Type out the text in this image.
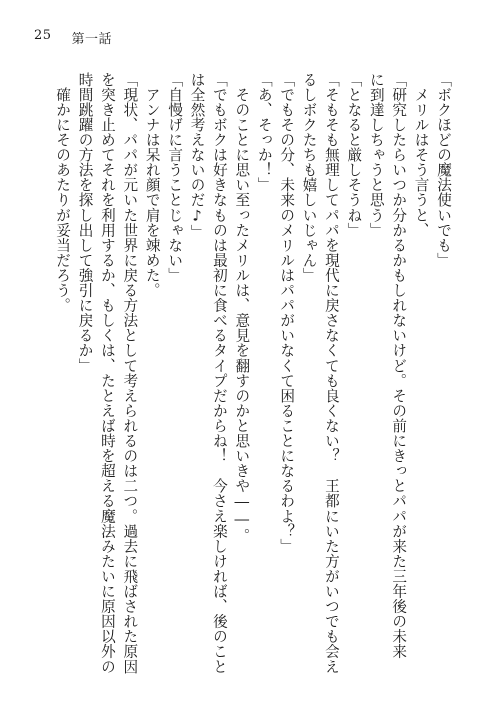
25 第一話
「ボクほどの魔法使いでも」
　メリルはそう言うと、
「研究したらいつか分かるかもしれないけど。その前にきっとパパが来た三年後の未来
に到達しちゃうと思う」
「となると厳しそうね」
「そもそも無理してパパを現代に戻さなくても良くない？　王都にいた方がいつでも会え
るしボクたちも嬉しいじゃん」
「でもその分、未来のメリルはパパがいなくて困ることになるわよ？」
「あ、そっか！」
　そのことに思い至ったメリルは、意見を翻すのかと思いきや――。
「でもボクは好きなものは最初に食べるタイプだからね！　今さえ楽しければ、後のこと
は全然考えないのだ♪」
「自慢げに言うことじゃない」
　アンナは呆れ顔で肩を竦めた。
「現状、パパが元いた世界に戻る方法として考えられるのは二つ。過去に飛ばされた原因
を突き止めてそれを利用するか、もしくは、たとえば時を超える魔法みたいに原因以外の
時間跳躍の方法を探し出して強引に戻るか」
　確かにそのあたりが妥当だろう。
